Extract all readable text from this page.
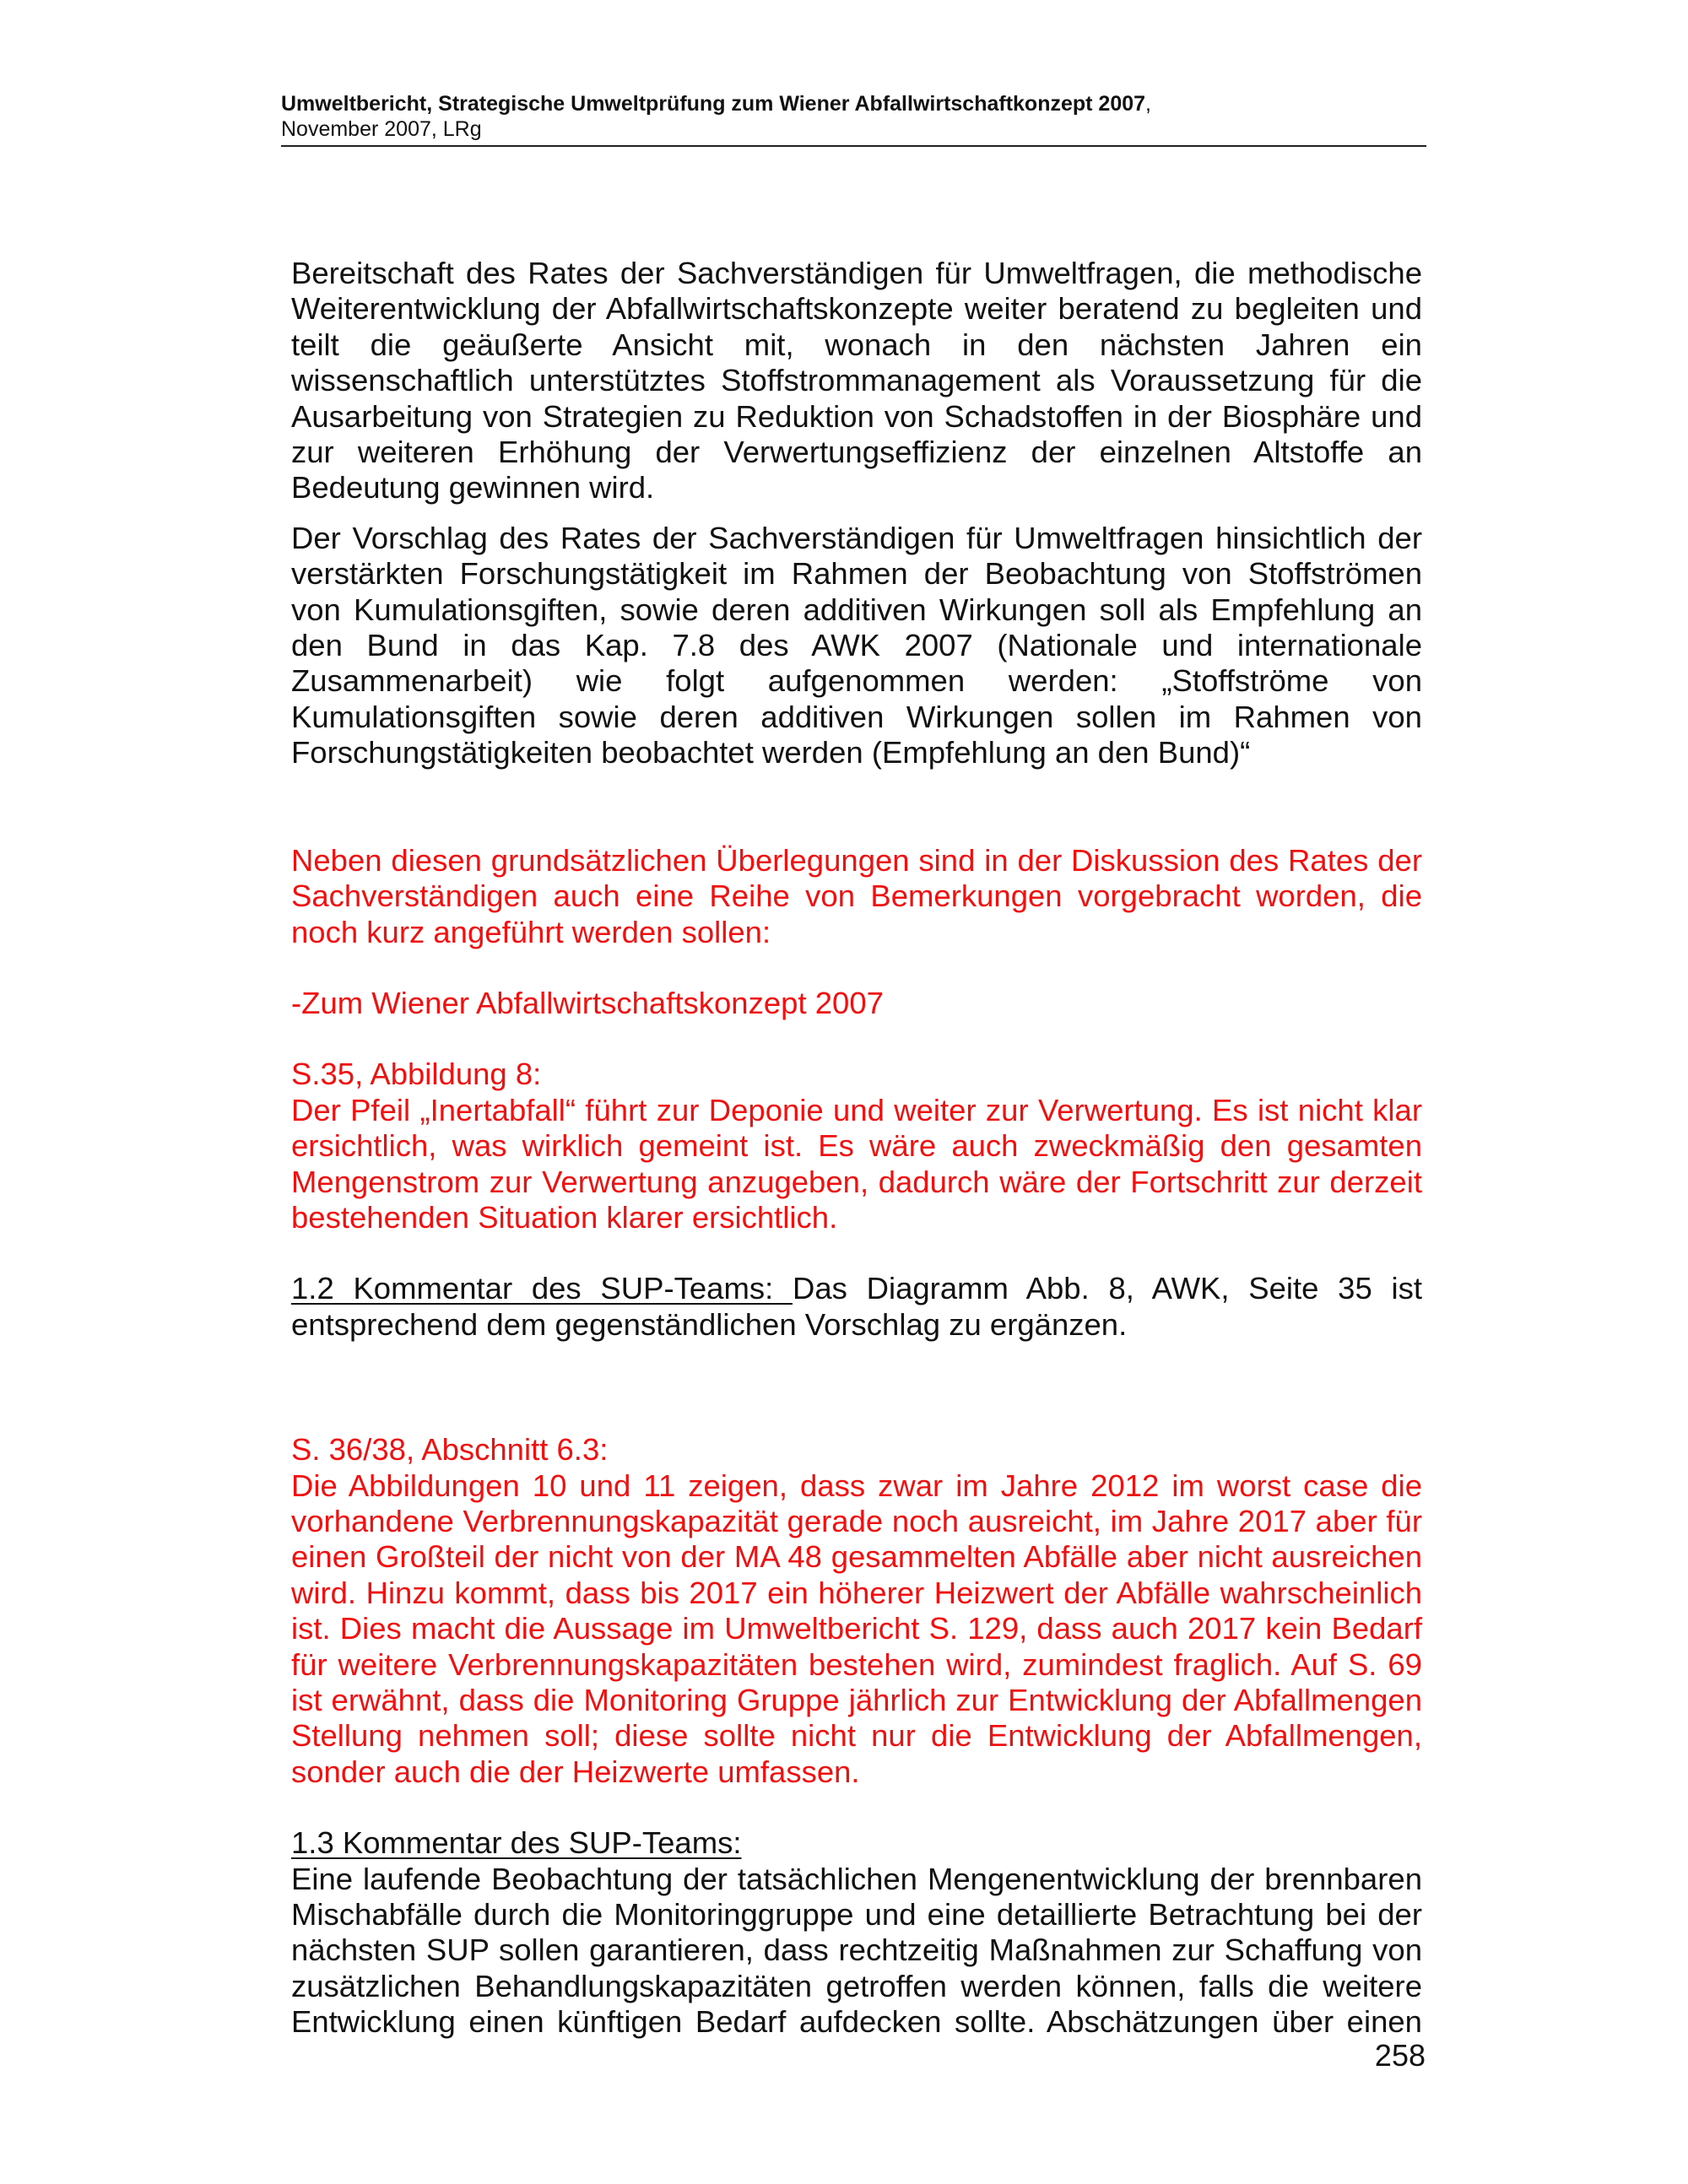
Umweltbericht, Strategische Umweltprüfung zum Wiener Abfallwirtschaftkonzept 2007,
November 2007, LRg

Bereitschaft des Rates der Sachverständigen für Umweltfragen, die methodische Weiterentwicklung der Abfallwirtschaftskonzepte weiter beratend zu begleiten und teilt die geäußerte Ansicht mit, wonach in den nächsten Jahren ein wissenschaftlich unterstütztes Stoffstrommanagement als Voraussetzung für die Ausarbeitung von Strategien zu Reduktion von Schadstoffen in der Biosphäre und zur weiteren Erhöhung der Verwertungseffizienz der einzelnen Altstoffe an Bedeutung gewinnen wird.

Der Vorschlag des Rates der Sachverständigen für Umweltfragen hinsichtlich der verstärkten Forschungstätigkeit im Rahmen der Beobachtung von Stoffströmen von Kumulationsgiften, sowie deren additiven Wirkungen soll als Empfehlung an den Bund in das Kap. 7.8 des AWK 2007 (Nationale und internationale Zusammenarbeit) wie folgt aufgenommen werden: „Stoffströme von Kumulationsgiften sowie deren additiven Wirkungen sollen im Rahmen von Forschungstätigkeiten beobachtet werden (Empfehlung an den Bund)“

Neben diesen grundsätzlichen Überlegungen sind in der Diskussion des Rates der Sachverständigen auch eine Reihe von Bemerkungen vorgebracht worden, die noch kurz angeführt werden sollen:

-Zum Wiener Abfallwirtschaftskonzept 2007

S.35, Abbildung 8:

Der Pfeil „Inertabfall“ führt zur Deponie und weiter zur Verwertung. Es ist nicht klar ersichtlich, was wirklich gemeint ist. Es wäre auch zweckmäßig den gesamten Mengenstrom zur Verwertung anzugeben, dadurch wäre der Fortschritt zur derzeit bestehenden Situation klarer ersichtlich.

1.2 Kommentar des SUP-Teams: Das Diagramm Abb. 8, AWK, Seite 35 ist entsprechend dem gegenständlichen Vorschlag zu ergänzen.

S. 36/38, Abschnitt 6.3:

Die Abbildungen 10 und 11 zeigen, dass zwar im Jahre 2012 im worst case die vorhandene Verbrennungskapazität gerade noch ausreicht, im Jahre 2017 aber für einen Großteil der nicht von der MA 48 gesammelten Abfälle aber nicht ausreichen wird. Hinzu kommt, dass bis 2017 ein höherer Heizwert der Abfälle wahrscheinlich ist. Dies macht die Aussage im Umweltbericht S. 129, dass auch 2017 kein Bedarf für weitere Verbrennungskapazitäten bestehen wird, zumindest fraglich. Auf S. 69 ist erwähnt, dass die Monitoring Gruppe jährlich zur Entwicklung der Abfallmengen Stellung nehmen soll; diese sollte nicht nur die Entwicklung der Abfallmengen, sonder auch die der Heizwerte umfassen.

1.3 Kommentar des SUP-Teams:

Eine laufende Beobachtung der tatsächlichen Mengenentwicklung der brennbaren Mischabfälle durch die Monitoringgruppe und eine detaillierte Betrachtung bei der nächsten SUP sollen garantieren, dass rechtzeitig Maßnahmen zur Schaffung von zusätzlichen Behandlungskapazitäten getroffen werden können, falls die weitere Entwicklung einen künftigen Bedarf aufdecken sollte. Abschätzungen über einen

258
